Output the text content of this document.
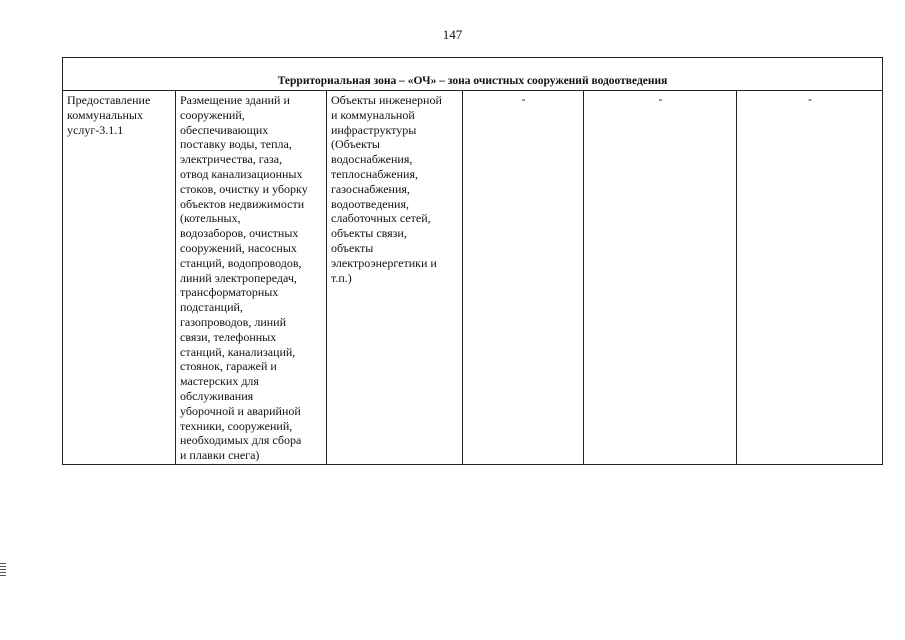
147

Территориальная зона – «ОЧ» – зона очистных сооружений водоотведения
Предоставление
коммунальных
услуг-3.1.1	Размещение зданий и
сооружений,
обеспечивающих
поставку воды, тепла,
электричества, газа,
отвод канализационных
стоков, очистку и уборку
объектов недвижимости
(котельных,
водозаборов, очистных
сооружений, насосных
станций, водопроводов,
линий электропередач,
трансформаторных
подстанций,
газопроводов, линий
связи, телефонных
станций, канализаций,
стоянок, гаражей и
мастерских для
обслуживания
уборочной и аварийной
техники, сооружений,
необходимых для сбора
и плавки снега)	Объекты инженерной
и коммунальной
инфраструктуры
(Объекты
водоснабжения,
теплоснабжения,
газоснабжения,
водоотведения,
слаботочных сетей,
объекты связи,
объекты
электроэнергетики и
т.п.)	-	-	-
